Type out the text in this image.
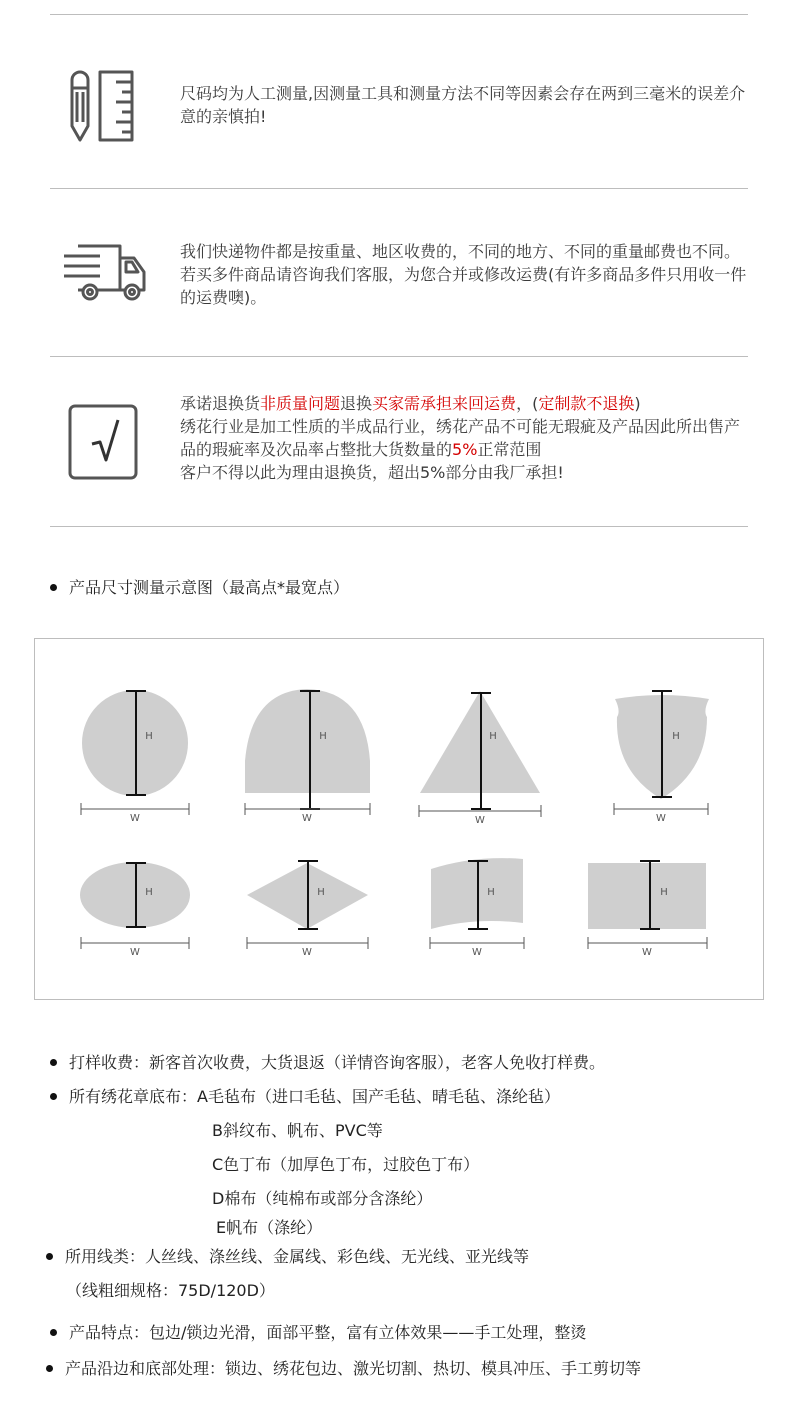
尺码均为人工测量,因测量工具和测量方法不同等因素会存在两到三毫米的误差介意的亲慎拍!
我们快递物件都是按重量、地区收费的，不同的地方、不同的重量邮费也不同。若买多件商品请咨询我们客服，为您合并或修改运费(有许多商品多件只用收一件的运费噢)。
承诺退换货非质量问题退换买家需承担来回运费，(定制款不退换)
绣花行业是加工性质的半成品行业，绣花产品不可能无瑕疵及产品因此所出售产品的瑕疵率及次品率占整批大货数量的5%正常范围
客户不得以此为理由退换货，超出5%部分由我厂承担!
产品尺寸测量示意图（最高点*最宽点）
H	H	H	H
H	H	H	H
W	W	W	W
W	W	W	W
打样收费：新客首次收费，大货退返（详情咨询客服），老客人免收打样费。
所有绣花章底布：A毛毡布（进口毛毡、国产毛毡、晴毛毡、涤纶毡）
B斜纹布、帆布、PVC等
C色丁布（加厚色丁布，过胶色丁布）
D棉布（纯棉布或部分含涤纶）
E帆布（涤纶）
所用线类：人丝线、涤丝线、金属线、彩色线、无光线、亚光线等
（线粗细规格：75D/120D）
产品特点：包边/锁边光滑，面部平整，富有立体效果——手工处理，整烫
产品沿边和底部处理：锁边、绣花包边、激光切割、热切、模具冲压、手工剪切等
